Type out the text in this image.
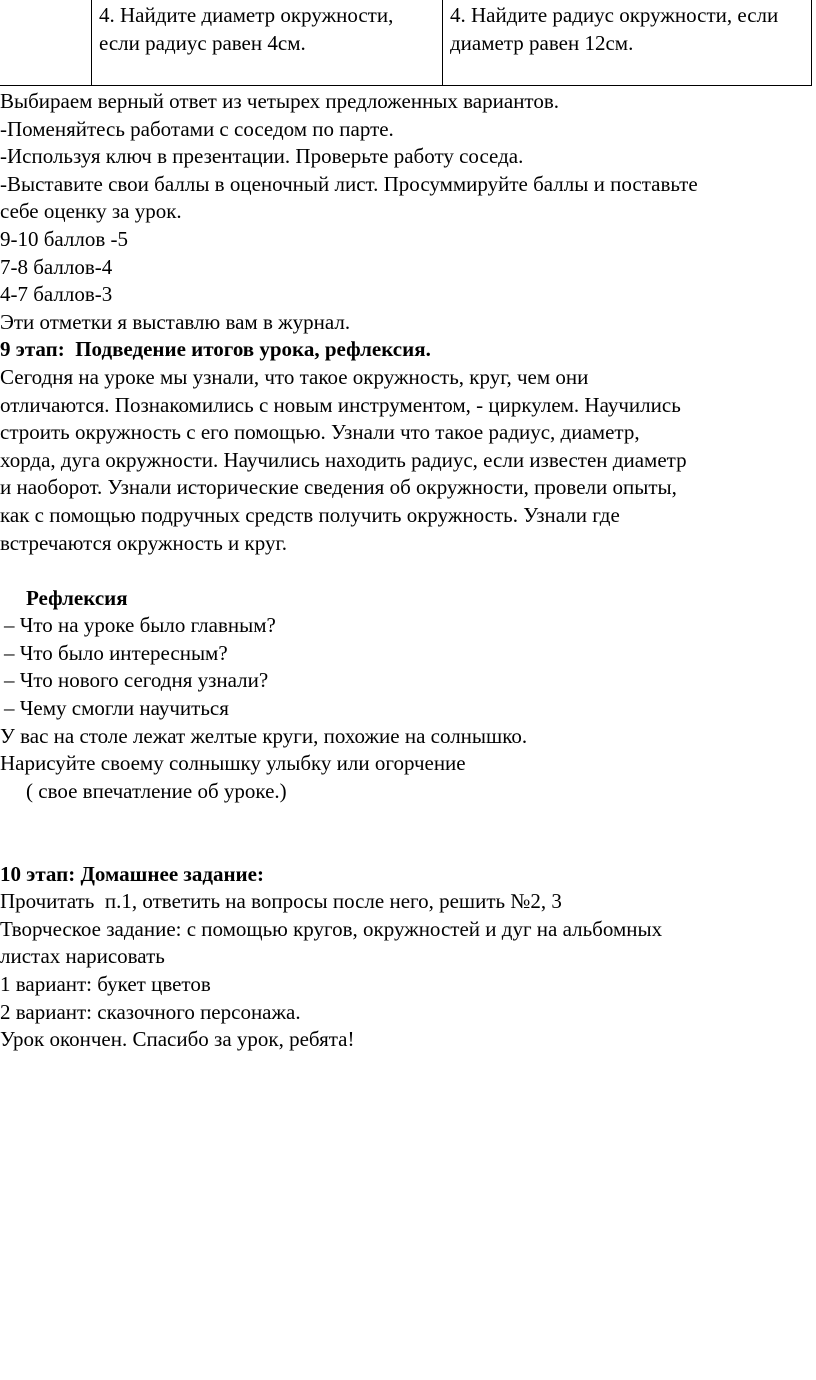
	4. Найдите диаметр окружности, если радиус равен 4см.	4. Найдите радиус окружности, если диаметр равен 12см.
Выбираем верный ответ из четырех предложенных вариантов.
-Поменяйтесь работами с соседом по парте.
-Используя ключ в презентации. Проверьте работу соседа.
-Выставите свои баллы в оценочный лист. Просуммируйте баллы и поставьте
себе оценку за урок.
9-10 баллов -5
7-8 баллов-4
4-7 баллов-3
Эти отметки я выставлю вам в журнал.
9 этап:  Подведение итогов урока, рефлексия.
Сегодня на уроке мы узнали, что такое окружность, круг, чем они
отличаются. Познакомились с новым инструментом, - циркулем. Научились
строить окружность с его помощью. Узнали что такое радиус, диаметр,
хорда, дуга окружности. Научились находить радиус, если известен диаметр
и наоборот. Узнали исторические сведения об окружности, провели опыты,
как с помощью подручных средств получить окружность. Узнали где
встречаются окружность и круг.
Рефлексия
– Что на уроке было главным?
– Что было интересным?
– Что нового сегодня узнали?
– Чему смогли научиться
У вас на столе лежат желтые круги, похожие на солнышко.
Нарисуйте своему солнышку улыбку или огорчение
( свое впечатление об уроке.)
10 этап: Домашнее задание:
Прочитать  п.1, ответить на вопросы после него, решить №2, 3
Творческое задание: с помощью кругов, окружностей и дуг на альбомных
листах нарисовать
1 вариант: букет цветов
2 вариант: сказочного персонажа.
Урок окончен. Спасибо за урок, ребята!
